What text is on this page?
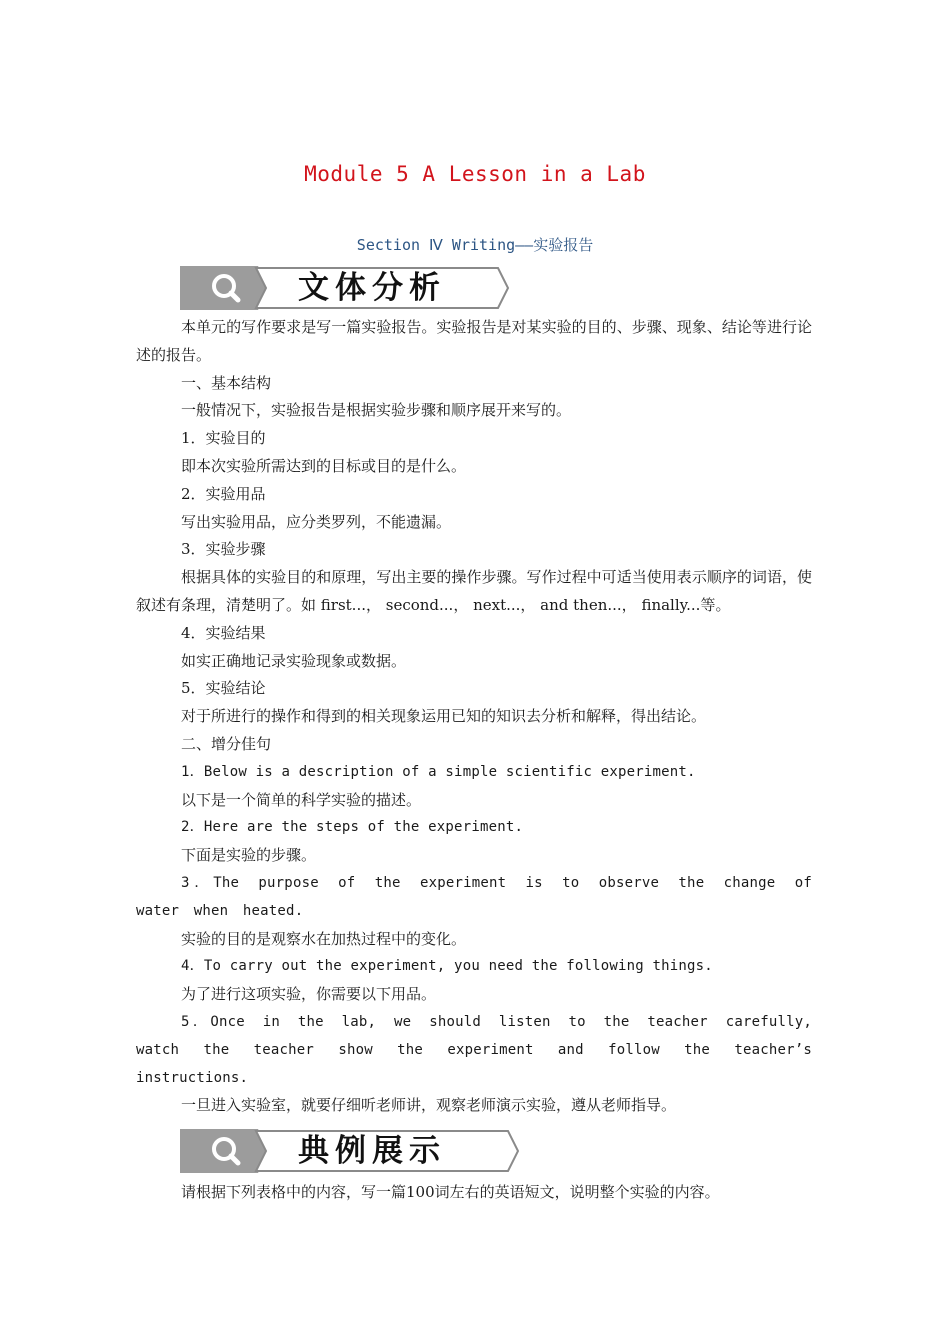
Module 5 A Lesson in a Lab
Section Ⅳ Writing——实验报告
文体分析

本单元的写作要求是写一篇实验报告。实验报告是对某实验的目的、步骤、现象、结论等进行论述的报告。

一、基本结构

一般情况下，实验报告是根据实验步骤和顺序展开来写的。

1．实验目的

即本次实验所需达到的目标或目的是什么。

2．实验用品

写出实验用品，应分类罗列，不能遗漏。

3．实验步骤

根据具体的实验目的和原理，写出主要的操作步骤。写作过程中可适当使用表示顺序的词语，使叙述有条理，清楚明了。如 first...， second...， next...， and then...， finally...等。

4．实验结果

如实正确地记录实验现象或数据。

5．实验结论

对于所进行的操作和得到的相关现象运用已知的知识去分析和解释，得出结论。

二、增分佳句

1．Below is a description of a simple scientific experiment.

以下是一个简单的科学实验的描述。

2．Here are the steps of the experiment.

下面是实验的步骤。

3．The purpose of the experiment is to observe the change of water when heated.

实验的目的是观察水在加热过程中的变化。

4．To carry out the experiment, you need the following things.

为了进行这项实验，你需要以下用品。

5．Once in the lab, we should listen to the teacher carefully, watch the teacher show the experiment and follow the teacher’s instructions.

一旦进入实验室，就要仔细听老师讲，观察老师演示实验，遵从老师指导。

典例展示

请根据下列表格中的内容，写一篇100词左右的英语短文，说明整个实验的内容。
